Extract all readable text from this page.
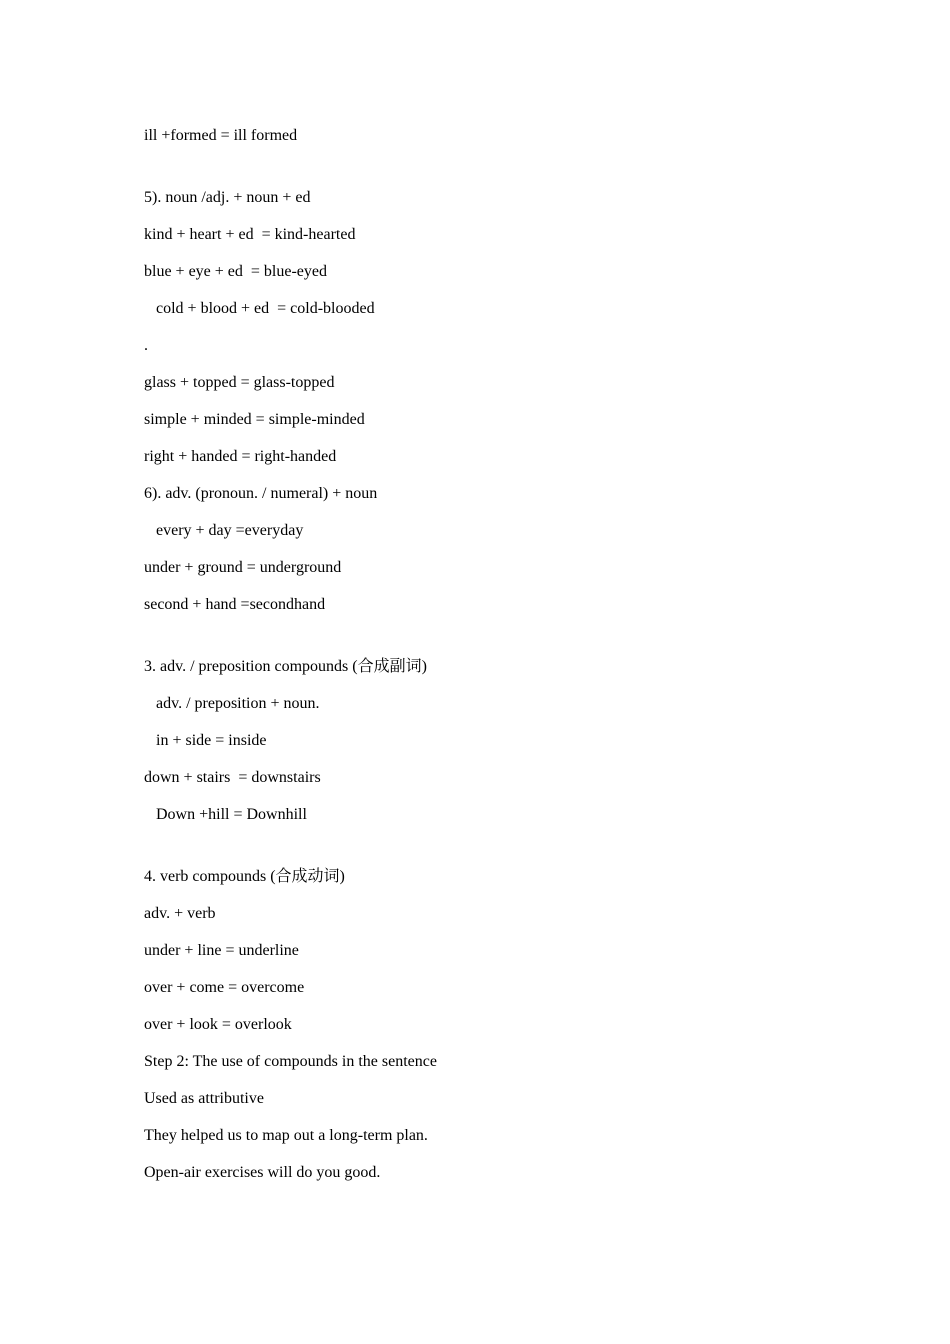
ill +formed = ill formed
5). noun /adj. + noun + ed
kind + heart + ed  = kind-hearted
blue + eye + ed  = blue-eyed
cold + blood + ed  = cold-blooded
.
glass + topped = glass-topped
simple + minded = simple-minded
right + handed = right-handed
6). adv. (pronoun. / numeral) + noun
every + day =everyday
under + ground = underground
second + hand =secondhand
3. adv. / preposition compounds (合成副词)
adv. / preposition + noun.
in + side = inside
down + stairs  = downstairs
Down +hill = Downhill
4. verb compounds (合成动词)
adv. + verb
under + line = underline
over + come = overcome
over + look = overlook
Step 2: The use of compounds in the sentence
Used as attributive
They helped us to map out a long-term plan.
Open-air exercises will do you good.
